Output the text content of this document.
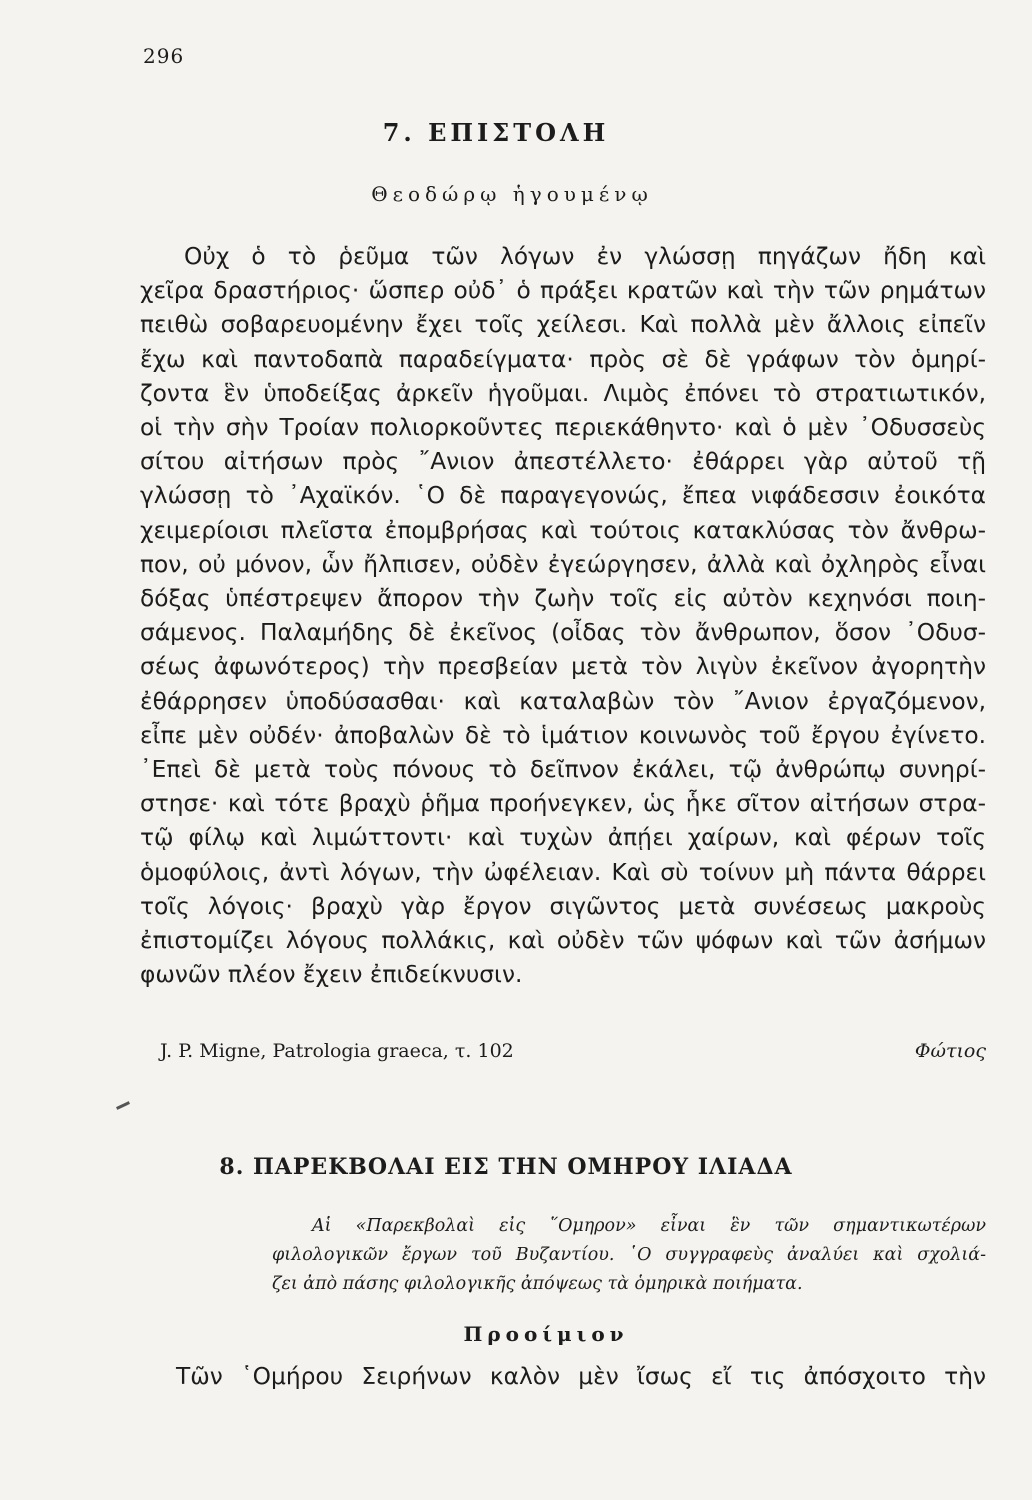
296
7. ΕΠΙΣΤΟΛΗ
Θεοδώρῳ ἡγουμένῳ
Οὐχ ὁ τὸ ῥεῦμα τῶν λόγων ἐν γλώσσῃ πηγάζων ἤδη καὶ
χεῖρα δραστήριος· ὥσπερ οὐδ᾽ ὁ πράξει κρατῶν καὶ τὴν τῶν ρημάτων
πειθὼ σοβαρευομένην ἔχει τοῖς χείλεσι. Καὶ πολλὰ μὲν ἄλλοις εἰπεῖν
ἔχω καὶ παντοδαπὰ παραδείγματα· πρὸς σὲ δὲ γράφων τὸν ὁμηρί-
ζοντα ἓν ὑποδείξας ἀρκεῖν ἡγοῦμαι. Λιμὸς ἐπόνει τὸ στρατιωτικόν,
οἱ τὴν σὴν Τροίαν πολιορκοῦντες περιεκάθηντο· καὶ ὁ μὲν ᾿Οδυσσεὺς
σίτου αἰτήσων πρὸς ῎Ανιον ἀπεστέλλετο· ἐθάρρει γὰρ αὐτοῦ τῇ
γλώσσῃ τὸ ᾿Αχαϊκόν. ῾Ο δὲ παραγεγονώς, ἔπεα νιφάδεσσιν ἐοικότα
χειμερίοισι πλεῖστα ἐπομβρήσας καὶ τούτοις κατακλύσας τὸν ἄνθρω-
πον, οὐ μόνον, ὧν ἤλπισεν, οὐδὲν ἐγεώργησεν, ἀλλὰ καὶ ὀχληρὸς εἶναι
δόξας ὑπέστρεψεν ἄπορον τὴν ζωὴν τοῖς εἰς αὐτὸν κεχηνόσι ποιη-
σάμενος. Παλαμήδης δὲ ἐκεῖνος (οἶδας τὸν ἄνθρωπον, ὅσον ᾿Οδυσ-
σέως ἀφωνότερος) τὴν πρεσβείαν μετὰ τὸν λιγὺν ἐκεῖνον ἀγορητὴν
ἐθάρρησεν ὑποδύσασθαι· καὶ καταλαβὼν τὸν ῎Ανιον ἐργαζόμενον,
εἶπε μὲν οὐδέν· ἀποβαλὼν δὲ τὸ ἱμάτιον κοινωνὸς τοῦ ἔργου ἐγίνετο.
᾿Επεὶ δὲ μετὰ τοὺς πόνους τὸ δεῖπνον ἐκάλει, τῷ ἀνθρώπῳ συνηρί-
στησε· καὶ τότε βραχὺ ῥῆμα προήνεγκεν, ὡς ἧκε σῖτον αἰτήσων στρα-
τῷ φίλῳ καὶ λιμώττοντι· καὶ τυχὼν ἀπῄει χαίρων, καὶ φέρων τοῖς
ὁμοφύλοις, ἀντὶ λόγων, τὴν ὠφέλειαν. Καὶ σὺ τοίνυν μὴ πάντα θάρρει
τοῖς λόγοις· βραχὺ γὰρ ἔργον σιγῶντος μετὰ συνέσεως μακροὺς
ἐπιστομίζει λόγους πολλάκις, καὶ οὐδὲν τῶν ψόφων καὶ τῶν ἀσήμων
φωνῶν πλέον ἔχειν ἐπιδείκνυσιν.
J. P. Migne, Patrologia graeca, τ. 102	Φώτιος
8. ΠΑΡΕΚΒΟΛΑΙ ΕΙΣ ΤΗΝ ΟΜΗΡΟΥ ΙΛΙΑΔΑ
Αἱ «Παρεκβολαὶ εἰς ῞Ομηρον» εἶναι ἓν τῶν σημαντικωτέρων
φιλολογικῶν ἔργων τοῦ Βυζαντίου. ῾Ο συγγραφεὺς ἀναλύει καὶ σχολιά-
ζει ἀπὸ πάσης φιλολογικῆς ἀπόψεως τὰ ὁμηρικὰ ποιήματα.
Προοίμιον
Τῶν ῾Ομήρου Σειρήνων καλὸν μὲν ἴσως εἴ τις ἀπόσχοιτο τὴν
